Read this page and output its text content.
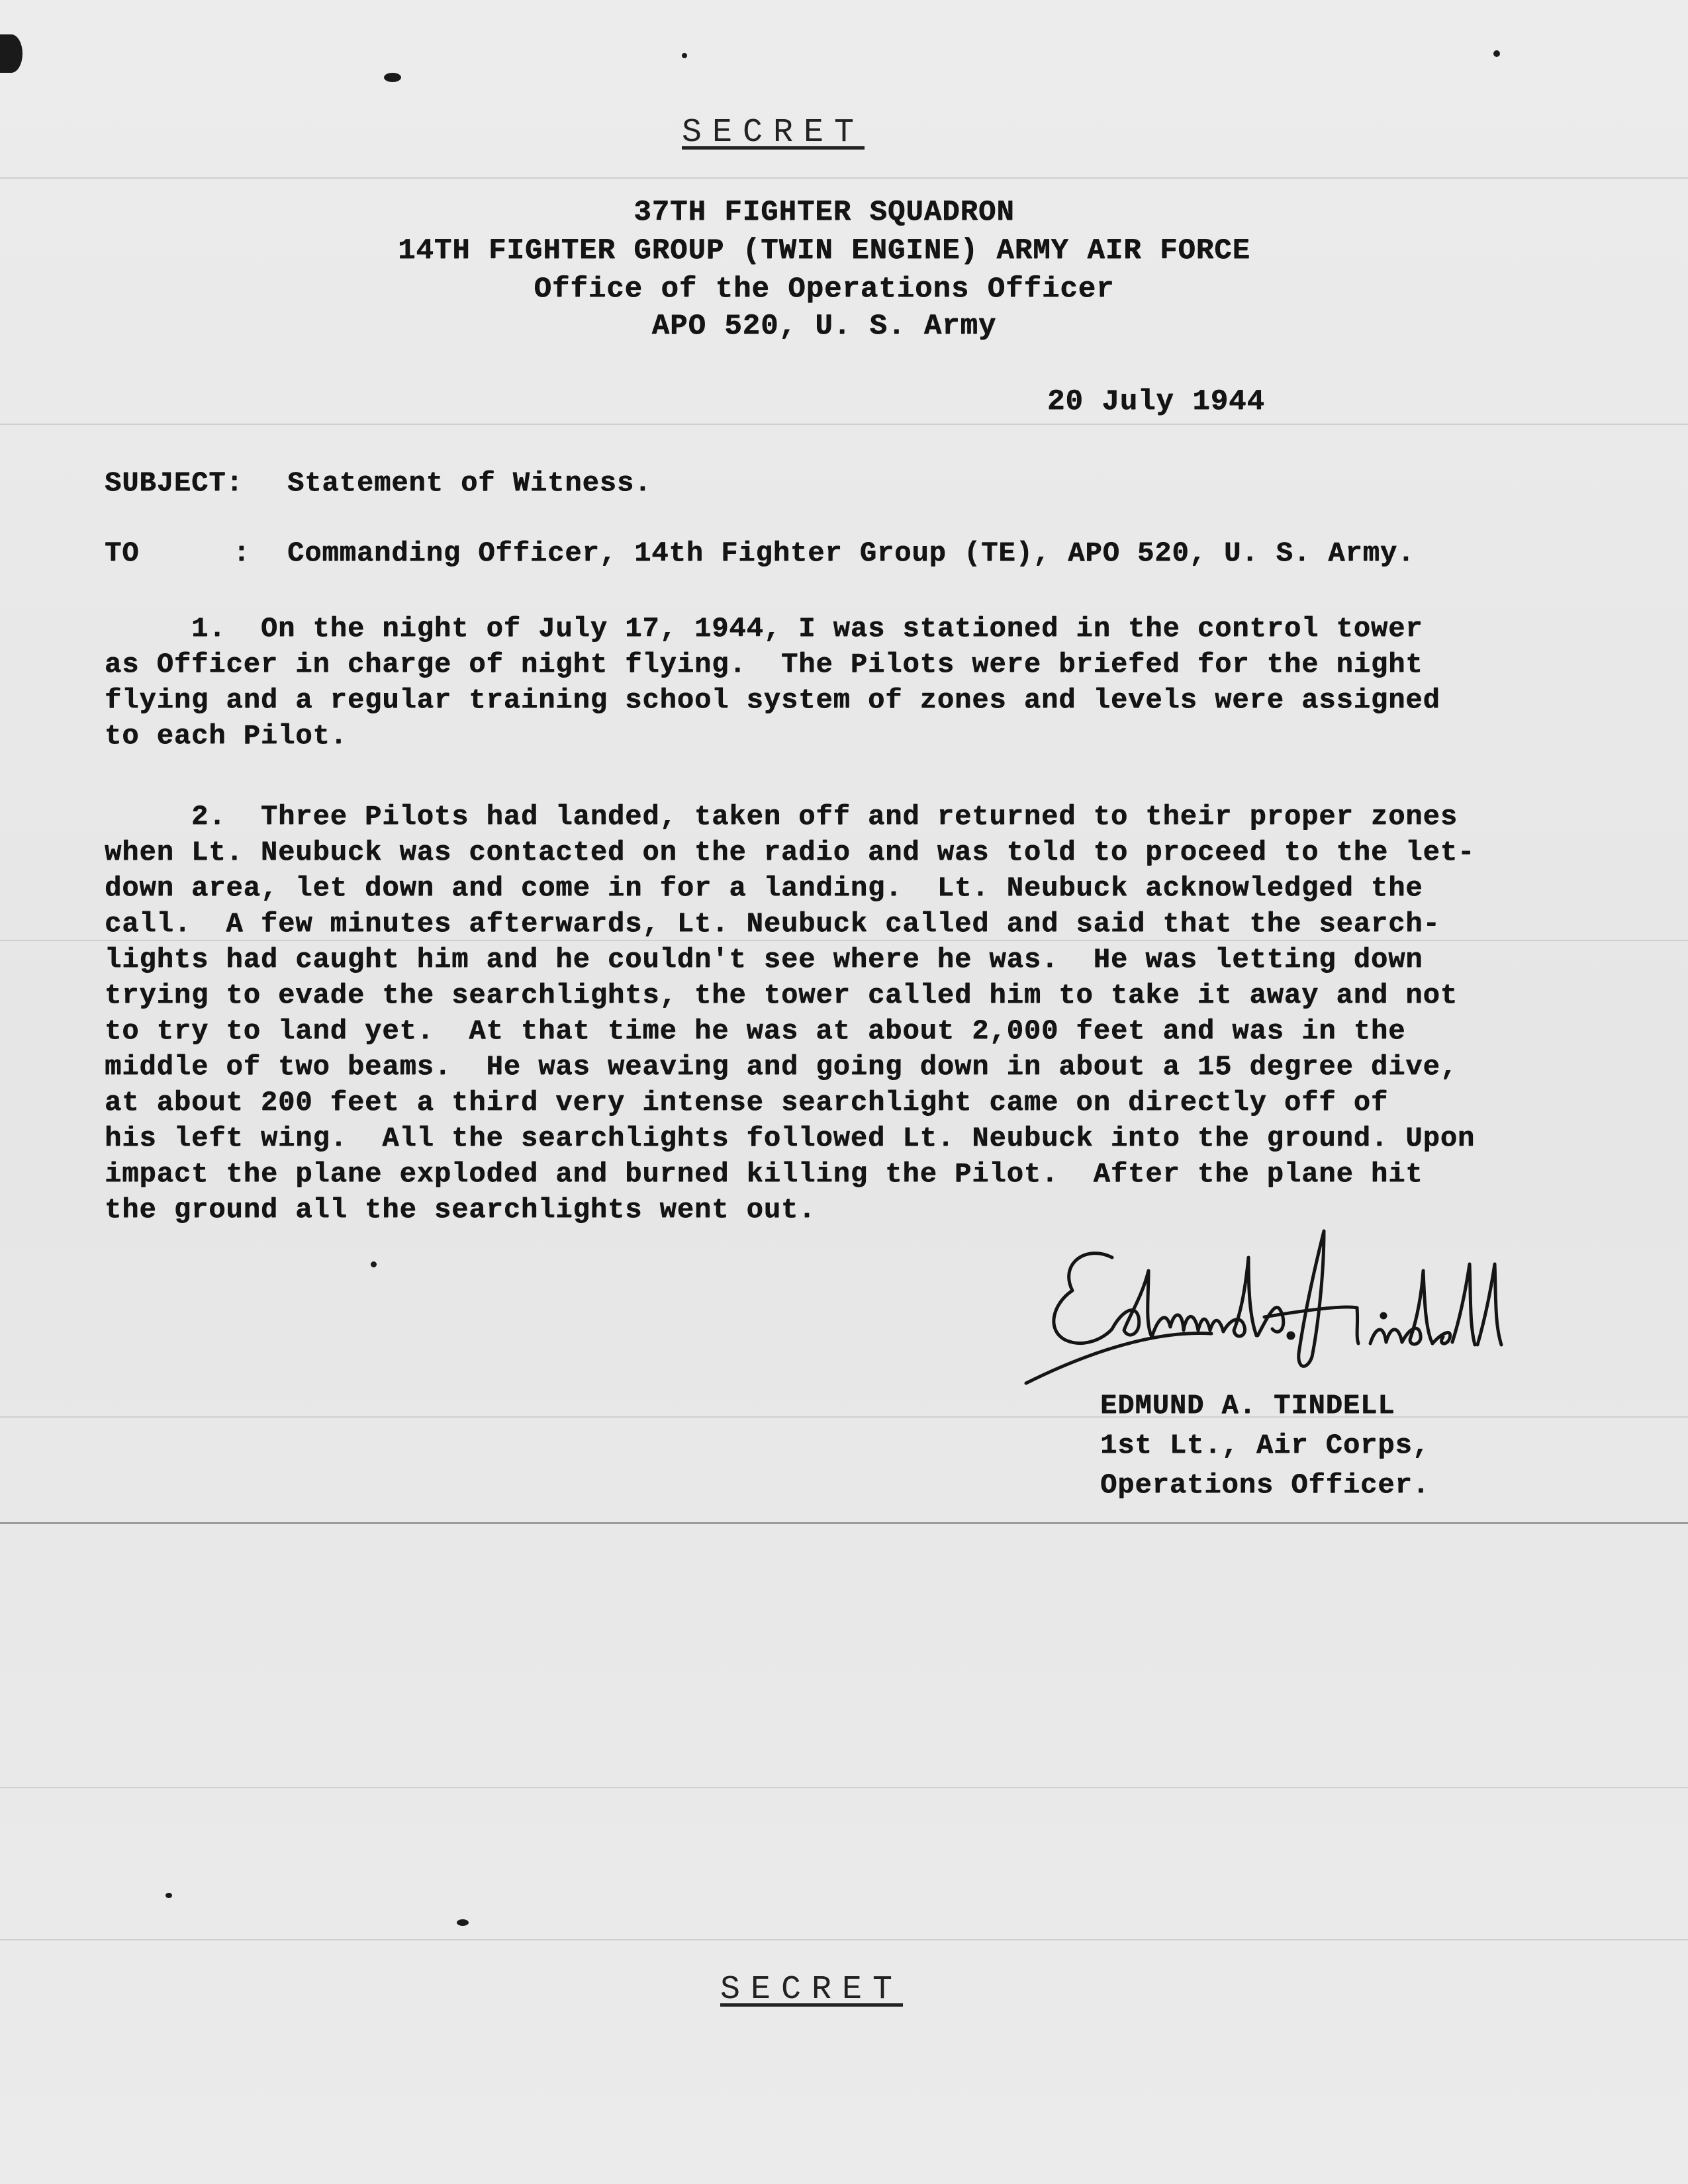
SECRET
37TH FIGHTER SQUADRON
14TH FIGHTER GROUP (TWIN ENGINE) ARMY AIR FORCE
Office of the Operations Officer
APO 520, U. S. Army
20 July 1944
SUBJECT: Statement of Witness.
TO	: Commanding Officer, 14th Fighter Group (TE), APO 520, U. S. Army.
1.  On the night of July 17, 1944, I was stationed in the control tower
as Officer in charge of night flying.  The Pilots were briefed for the night
flying and a regular training school system of zones and levels were assigned
to each Pilot.
2.  Three Pilots had landed, taken off and returned to their proper zones
when Lt. Neubuck was contacted on the radio and was told to proceed to the let-
down area, let down and come in for a landing.  Lt. Neubuck acknowledged the
call.  A few minutes afterwards, Lt. Neubuck called and said that the search-
lights had caught him and he couldn't see where he was.  He was letting down
trying to evade the searchlights, the tower called him to take it away and not
to try to land yet.  At that time he was at about 2,000 feet and was in the
middle of two beams.  He was weaving and going down in about a 15 degree dive,
at about 200 feet a third very intense searchlight came on directly off of
his left wing.  All the searchlights followed Lt. Neubuck into the ground. Upon
impact the plane exploded and burned killing the Pilot.  After the plane hit
the ground all the searchlights went out.
EDMUND A. TINDELL
1st Lt., Air Corps,
Operations Officer.
SECRET
